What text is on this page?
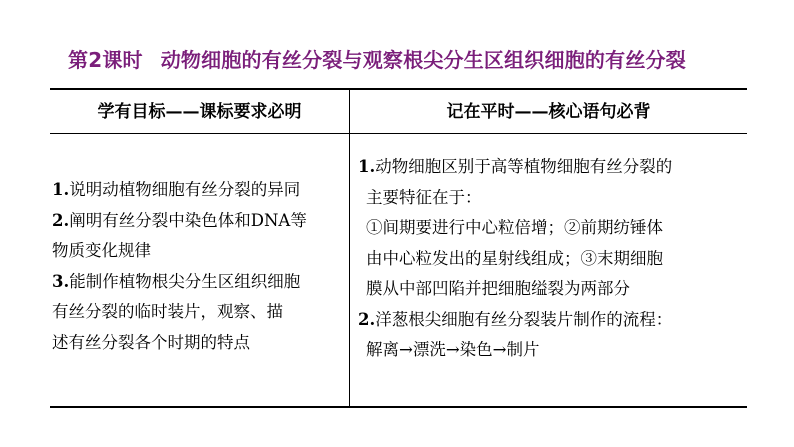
第2课时 动物细胞的有丝分裂与观察根尖分生区组织细胞的有丝分裂
学有目标——课标要求必明	记在平时——核心语句必背
1.说明动植物细胞有丝分裂的异同
2.阐明有丝分裂中染色体和DNA等
物质变化规律
3.能制作植物根尖分生区组织细胞
有丝分裂的临时装片，观察、描
述有丝分裂各个时期的特点
1.动物细胞区别于高等植物细胞有丝分裂的
主要特征在于：
①间期要进行中心粒倍增；②前期纺锤体
由中心粒发出的星射线组成；③末期细胞
膜从中部凹陷并把细胞缢裂为两部分
2.洋葱根尖细胞有丝分裂装片制作的流程：
解离→漂洗→染色→制片
